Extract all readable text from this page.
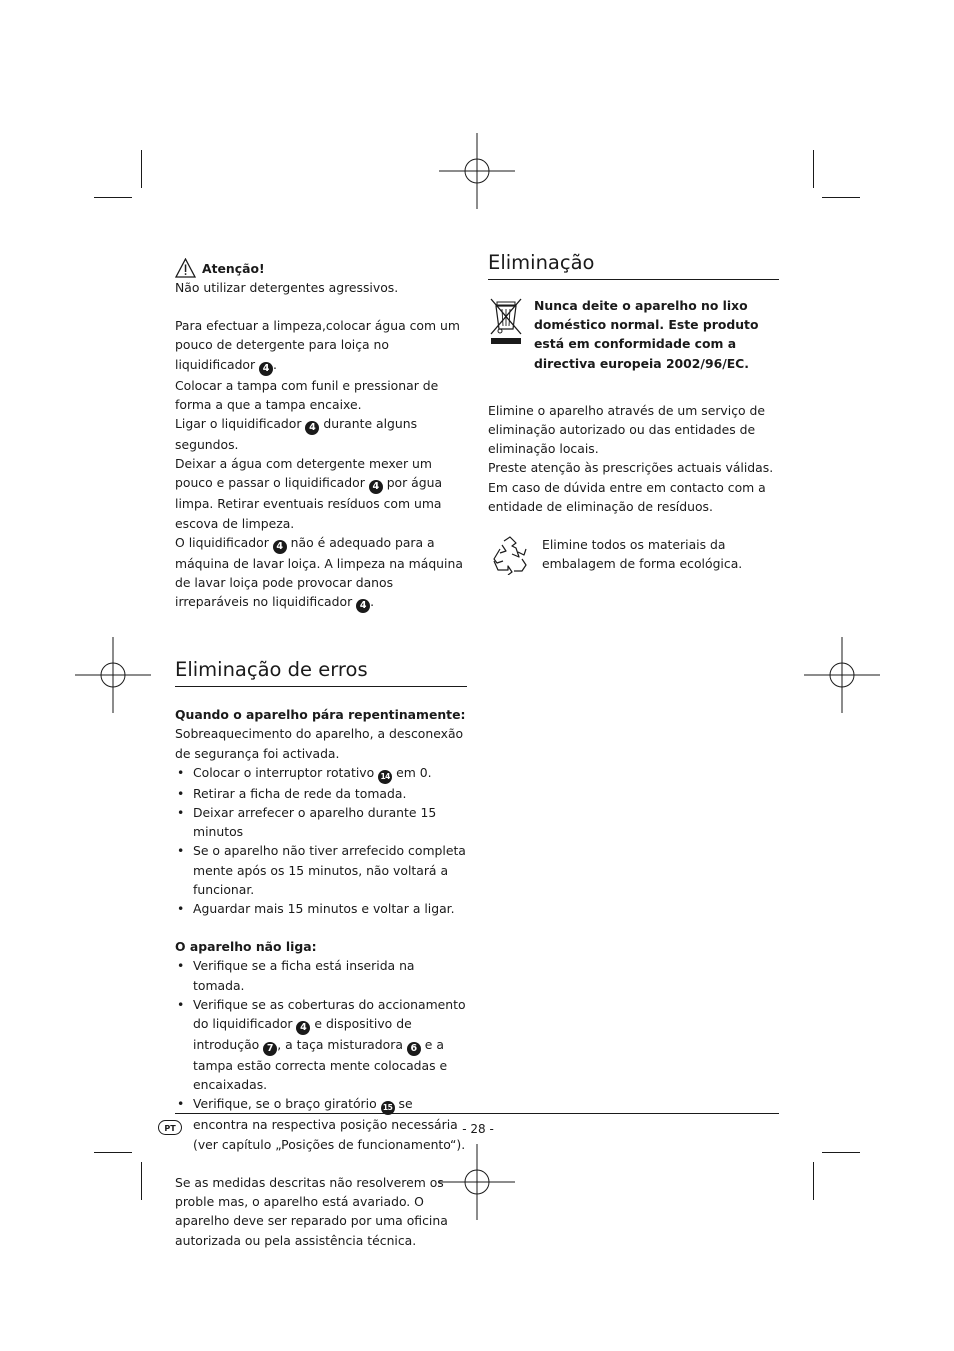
Atenção!

Não utilizar detergentes agressivos.

Para efectuar a limpeza,colocar água com um pouco de detergente para loiça no liquidificador 4 .
Colocar a tampa com funil e pressionar de forma a que a tampa encaixe.
Ligar o liquidificador 4 durante alguns segundos.
Deixar a água com detergente mexer um pouco e passar o liquidificador 4 por água limpa. Retirar eventuais resíduos com uma escova de limpeza.
O liquidificador 4 não é adequado para a máquina de lavar loiça. A limpeza na máquina de lavar loiça pode provocar danos irreparáveis no liquidificador 4 .

Eliminação de erros

Quando o aparelho pára repentinamente:

Sobreaquecimento do aparelho, a desconexão de segurança foi activada.

• Colocar o interruptor rotativo 14 em 0.
• Retirar a ficha de rede da tomada.
• Deixar arrefecer o aparelho durante 15 minutos
• Se o aparelho não tiver arrefecido completa mente após os 15 minutos, não voltará a funcionar.
• Aguardar mais 15 minutos e voltar a ligar.

O aparelho não liga:

• Verifique se a ficha está inserida na tomada.
• Verifique se as coberturas do accionamento do liquidificador 4 e dispositivo de introdução 7 , a taça misturadora 6 e a tampa estão correcta mente colocadas e encaixadas.
• Verifique, se o braço giratório 15 se encontra na respectiva posição necessária (ver capítulo „Posições de funcionamento“).

Se as medidas descritas não resolverem os proble mas, o aparelho está avariado. O aparelho deve ser reparado por uma oficina autorizada ou pela assistência técnica.

Eliminação

Nunca deite o aparelho no lixo doméstico normal. Este produto está em conformidade com a directiva europeia 2002/96/EC.

Elimine o aparelho através de um serviço de eliminação autorizado ou das entidades de eliminação locais.

Preste atenção às prescrições actuais válidas. Em caso de dúvida entre em contacto com a entidade de eliminação de resíduos.

Elimine todos os materiais da embalagem de forma ecológica.

PT	- 28 -
